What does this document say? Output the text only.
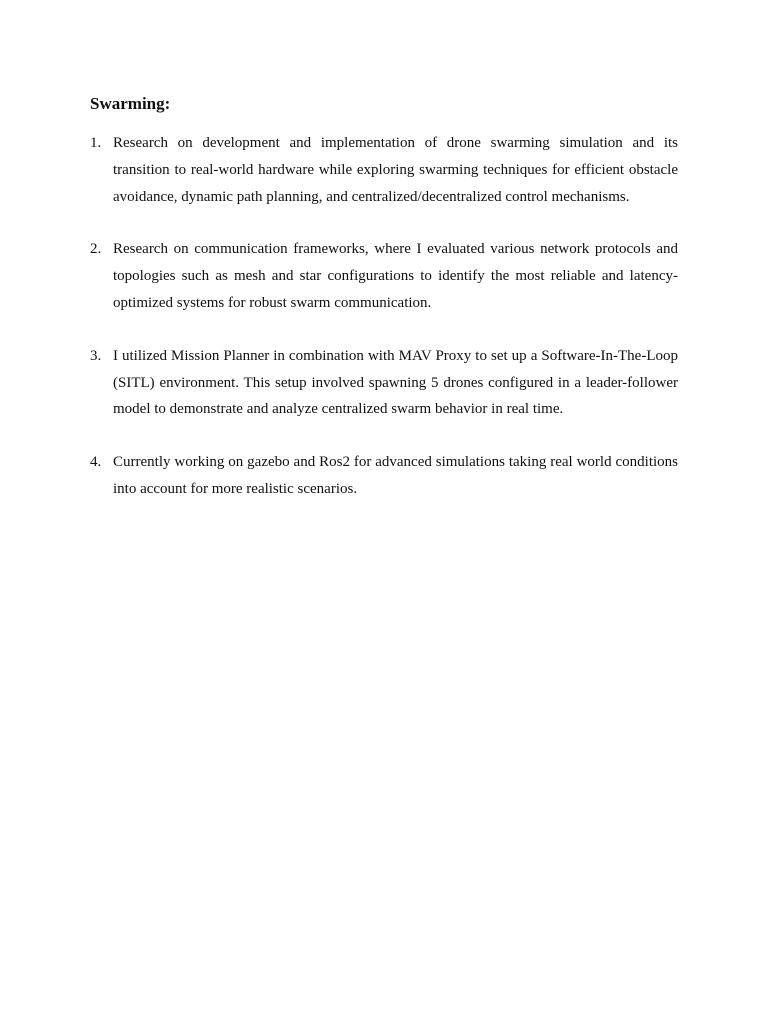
Swarming:
1. Research on development and implementation of drone swarming simulation and its transition to real-world hardware while exploring swarming techniques for efficient obstacle avoidance, dynamic path planning, and centralized/decentralized control mechanisms.
2. Research on communication frameworks, where I evaluated various network protocols and topologies such as mesh and star configurations to identify the most reliable and latency-optimized systems for robust swarm communication.
3. I utilized Mission Planner in combination with MAV Proxy to set up a Software-In-The-Loop (SITL) environment. This setup involved spawning 5 drones configured in a leader-follower model to demonstrate and analyze centralized swarm behavior in real time.
4. Currently working on gazebo and Ros2 for advanced simulations taking real world conditions into account for more realistic scenarios.
